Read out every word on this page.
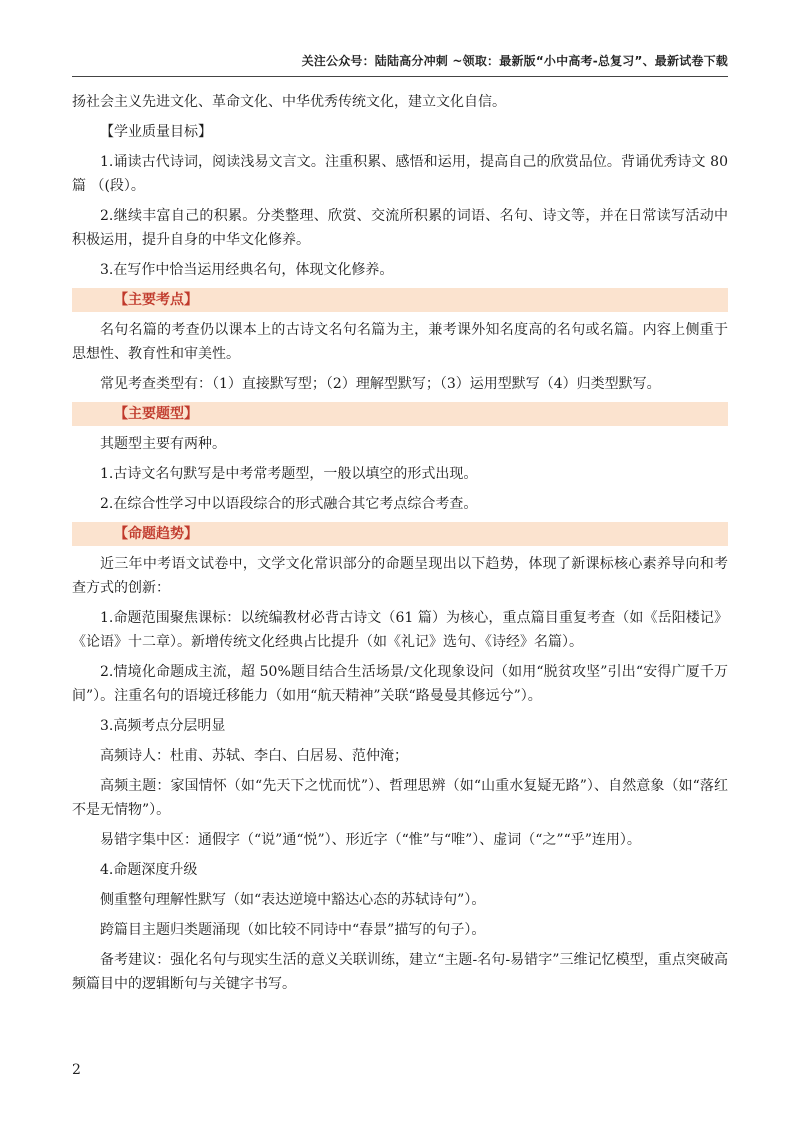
关注公众号：陆陆高分冲刺 ~领取：最新版“小中高考-总复习”、最新试卷下载

扬社会主义先进文化、革命文化、中华优秀传统文化，建立文化自信。

【学业质量目标】

1.诵读古代诗词，阅读浅易文言文。注重积累、感悟和运用，提高自己的欣赏品位。背诵优秀诗文 80 篇 （(段）。

2.继续丰富自己的积累。分类整理、欣赏、交流所积累的词语、名句、诗文等，并在日常读写活动中积极运用，提升自身的中华文化修养。

3.在写作中恰当运用经典名句，体现文化修养。

【主要考点】

名句名篇的考查仍以课本上的古诗文名句名篇为主，兼考课外知名度高的名句或名篇。内容上侧重于思想性、教育性和审美性。

常见考查类型有：（1）直接默写型；（2）理解型默写；（3）运用型默写（4）归类型默写。

【主要题型】

其题型主要有两种。

1.古诗文名句默写是中考常考题型，一般以填空的形式出现。

2.在综合性学习中以语段综合的形式融合其它考点综合考查。

【命题趋势】

近三年中考语文试卷中，文学文化常识部分的命题呈现出以下趋势，体现了新课标核心素养导向和考查方式的创新：

1.命题范围聚焦课标：以统编教材必背古诗文（61 篇）为核心，重点篇目重复考查（如《岳阳楼记》《论语》十二章）。新增传统文化经典占比提升（如《礼记》选句、《诗经》名篇）。

2.情境化命题成主流，超 50%题目结合生活场景/文化现象设问（如用“脱贫攻坚”引出“安得广厦千万间”）。注重名句的语境迁移能力（如用“航天精神”关联“路曼曼其修远兮”）。

3.高频考点分层明显

高频诗人：杜甫、苏轼、李白、白居易、范仲淹；

高频主题：家国情怀（如“先天下之忧而忧”）、哲理思辨（如“山重水复疑无路”）、自然意象（如“落红不是无情物”）。

易错字集中区：通假字（“说”通“悦”）、形近字（“惟”与“唯”）、虚词（“之”“乎”连用）。

4.命题深度升级

侧重整句理解性默写（如“表达逆境中豁达心态的苏轼诗句”）。

跨篇目主题归类题涌现（如比较不同诗中“春景”描写的句子）。

备考建议：强化名句与现实生活的意义关联训练，建立“主题-名句-易错字”三维记忆模型，重点突破高频篇目中的逻辑断句与关键字书写。

2
